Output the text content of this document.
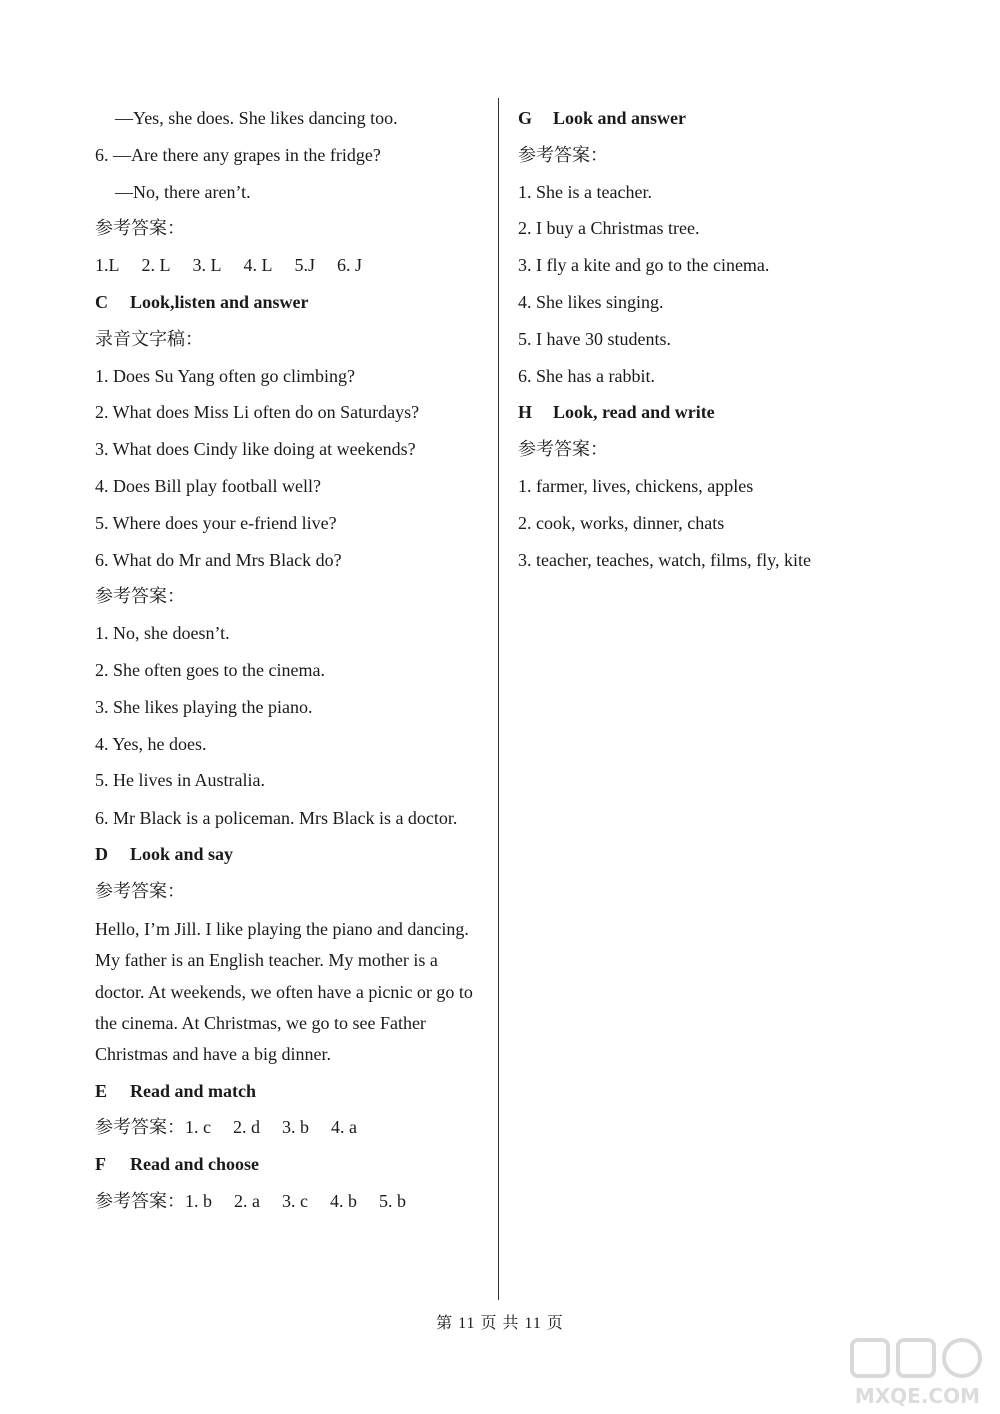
—Yes, she does. She likes dancing too.
6. —Are there any grapes in the fridge?
—No, there aren’t.
参考答案：
1.L 2. L 3. L 4. L 5.J 6. J
C Look,listen and answer
录音文字稿：
1. Does Su Yang often go climbing?
2. What does Miss Li often do on Saturdays?
3. What does Cindy like doing at weekends?
4. Does Bill play football well?
5. Where does your e-friend live?
6. What do Mr and Mrs Black do?
参考答案：
1. No, she doesn’t.
2. She often goes to the cinema.
3. She likes playing the piano.
4. Yes, he does.
5. He lives in Australia.
6. Mr Black is a policeman. Mrs Black is a doctor.
D Look and say
参考答案：
Hello, I’m Jill. I like playing the piano and dancing. My father is an English teacher. My mother is a doctor. At weekends, we often have a picnic or go to the cinema. At Christmas, we go to see Father Christmas and have a big dinner.
E Read and match
参考答案：1. c 2. d 3. b 4. a
F Read and choose
参考答案：1. b 2. a 3. c 4. b 5. b
G Look and answer
参考答案：
1. She is a teacher.
2. I buy a Christmas tree.
3. I fly a kite and go to the cinema.
4. She likes singing.
5. I have 30 students.
6. She has a rabbit.
H Look, read and write
参考答案：
1. farmer, lives, chickens, apples
2. cook, works, dinner, chats
3. teacher, teaches, watch, films, fly, kite
第 11 页 共 11 页
MXQE.COM
